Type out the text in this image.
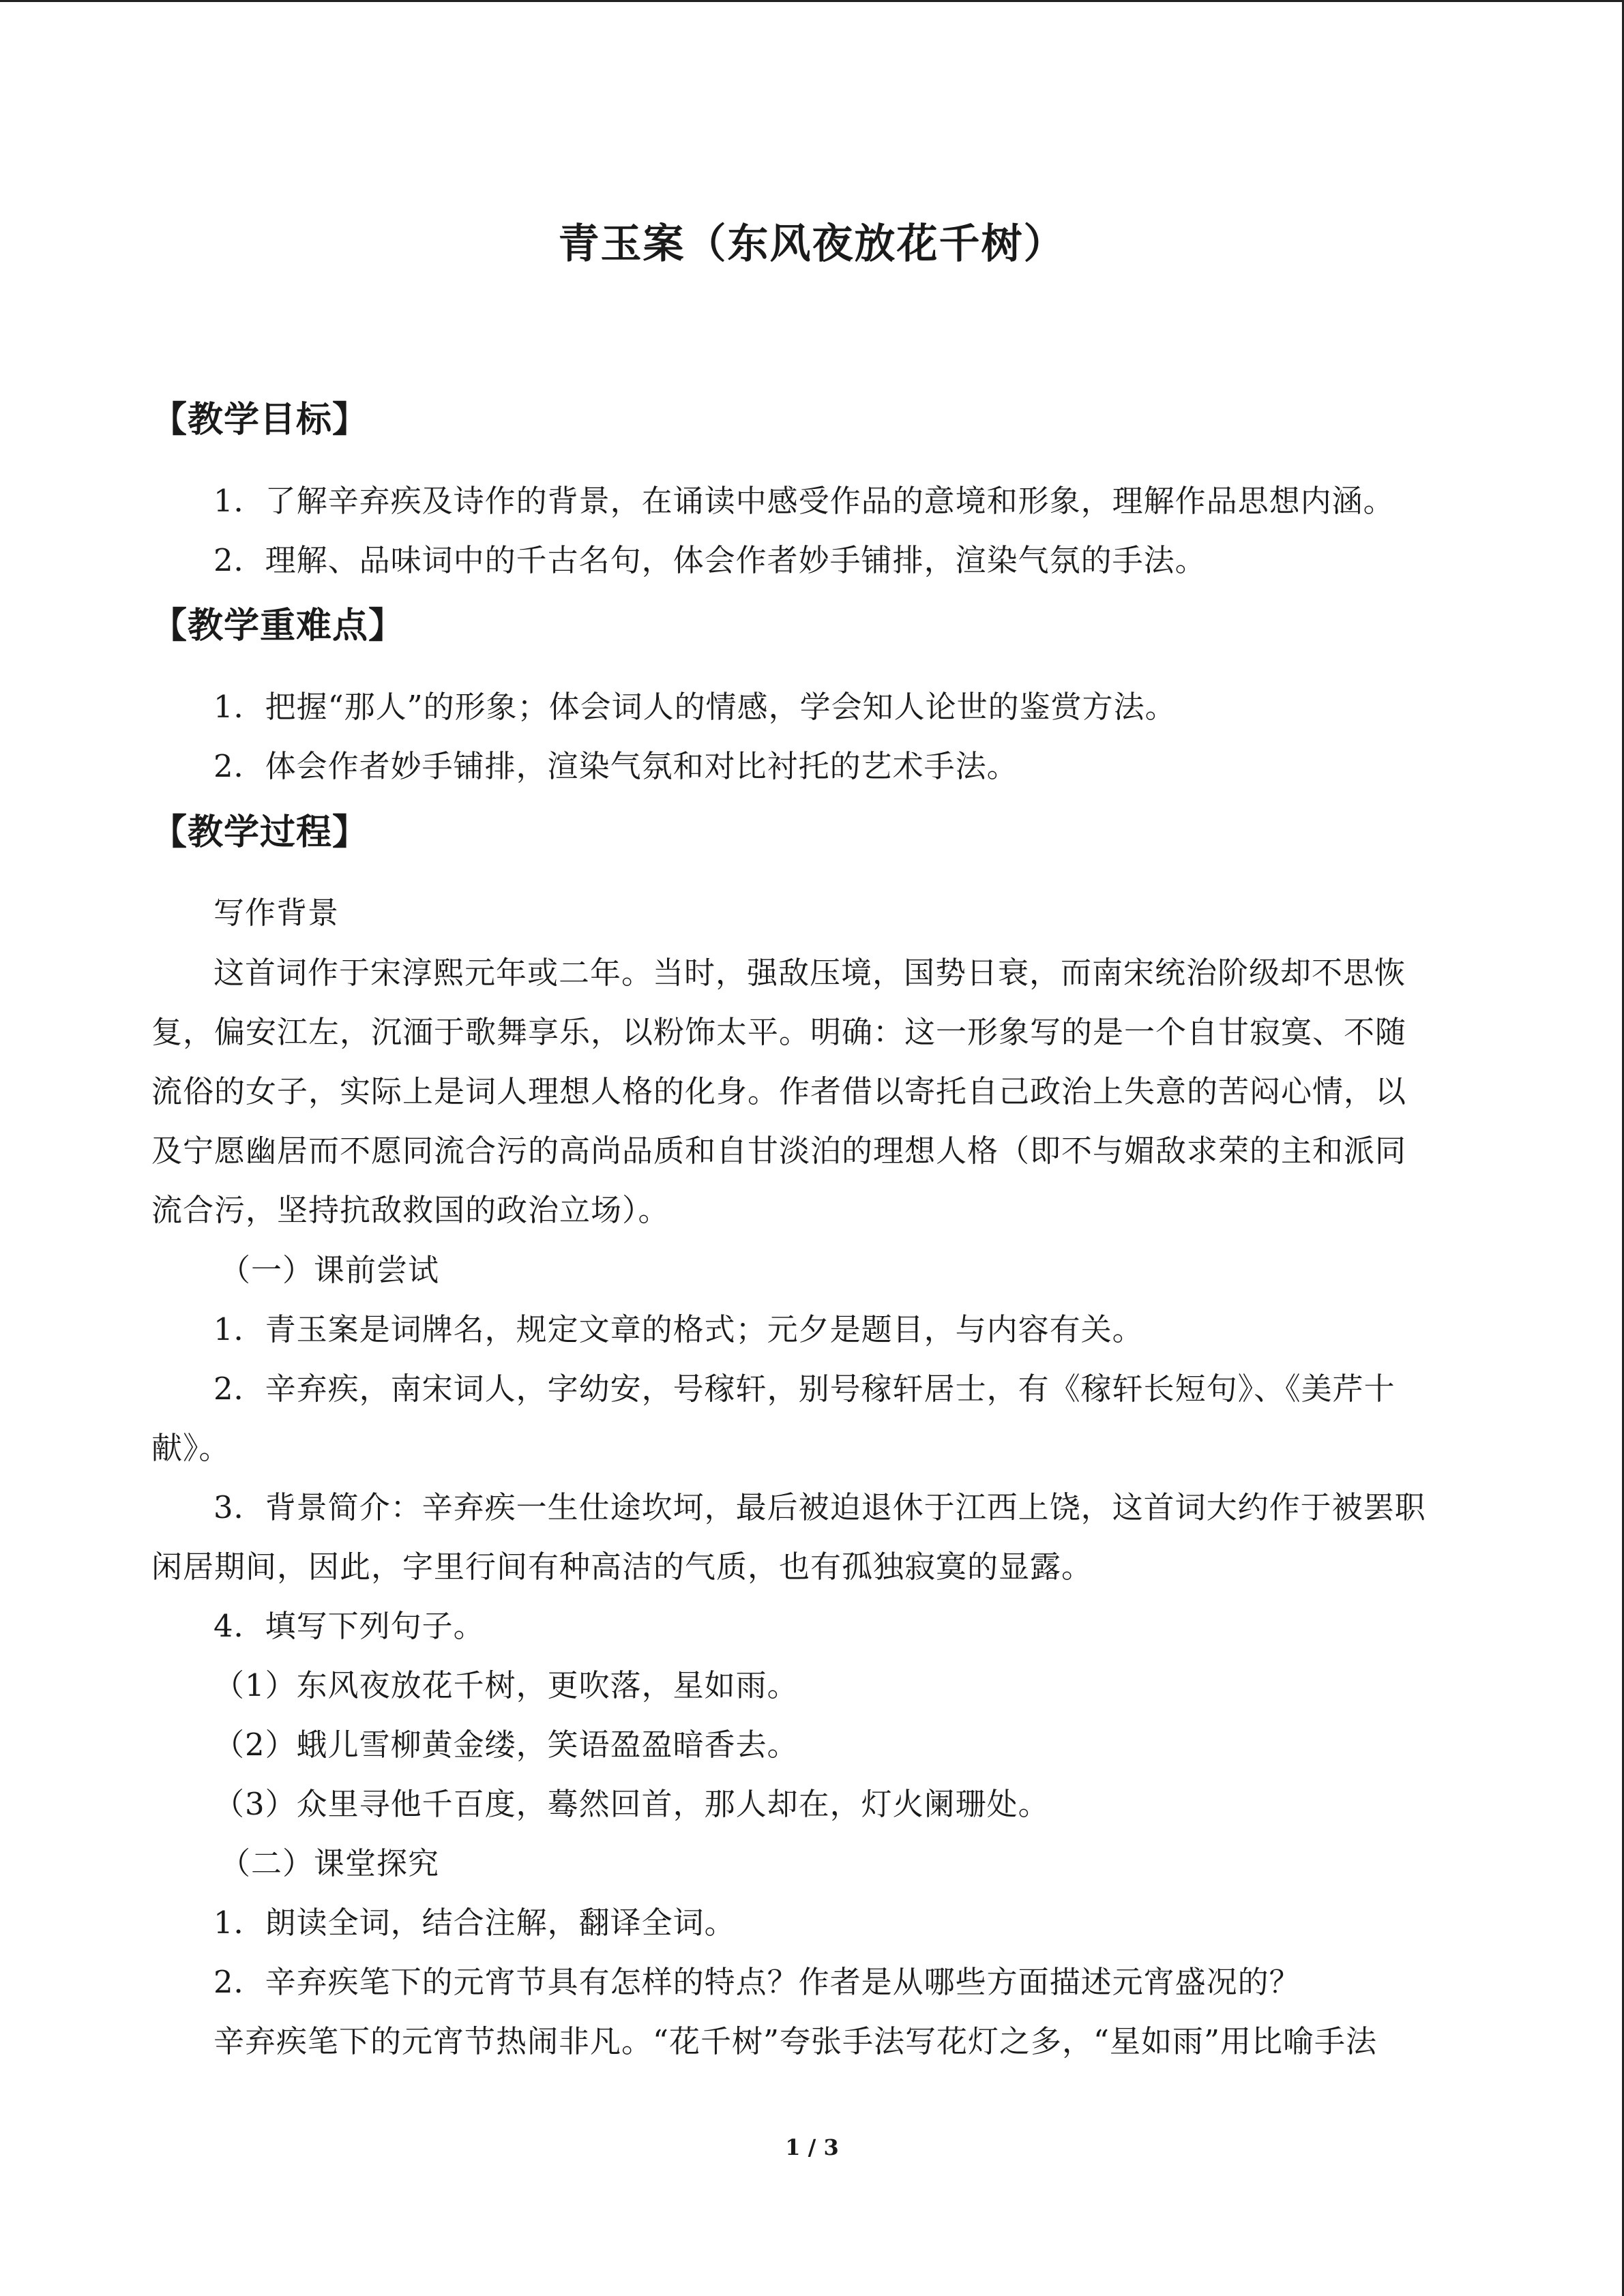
青玉案（东风夜放花千树）
【教学目标】
1．了解辛弃疾及诗作的背景，在诵读中感受作品的意境和形象，理解作品思想内涵。
2．理解、品味词中的千古名句，体会作者妙手铺排，渲染气氛的手法。
【教学重难点】
1．把握“那人”的形象；体会词人的情感，学会知人论世的鉴赏方法。
2．体会作者妙手铺排，渲染气氛和对比衬托的艺术手法。
【教学过程】
写作背景
这首词作于宋淳熙元年或二年。当时，强敌压境，国势日衰，而南宋统治阶级却不思恢
复，偏安江左，沉湎于歌舞享乐，以粉饰太平。明确：这一形象写的是一个自甘寂寞、不随
流俗的女子，实际上是词人理想人格的化身。作者借以寄托自己政治上失意的苦闷心情，以
及宁愿幽居而不愿同流合污的高尚品质和自甘淡泊的理想人格（即不与媚敌求荣的主和派同
流合污，坚持抗敌救国的政治立场）。
（一）课前尝试
1．青玉案是词牌名，规定文章的格式；元夕是题目，与内容有关。
2．辛弃疾，南宋词人，字幼安，号稼轩，别号稼轩居士，有《稼轩长短句》、《美芹十
献》。
3．背景简介：辛弃疾一生仕途坎坷，最后被迫退休于江西上饶，这首词大约作于被罢职
闲居期间，因此，字里行间有种高洁的气质，也有孤独寂寞的显露。
4．填写下列句子。
（1）东风夜放花千树，更吹落，星如雨。
（2）蛾儿雪柳黄金缕，笑语盈盈暗香去。
（3）众里寻他千百度，蓦然回首，那人却在，灯火阑珊处。
（二）课堂探究
1．朗读全词，结合注解，翻译全词。
2．辛弃疾笔下的元宵节具有怎样的特点？作者是从哪些方面描述元宵盛况的？
辛弃疾笔下的元宵节热闹非凡。“花千树”夸张手法写花灯之多，“星如雨”用比喻手法
1 / 3
